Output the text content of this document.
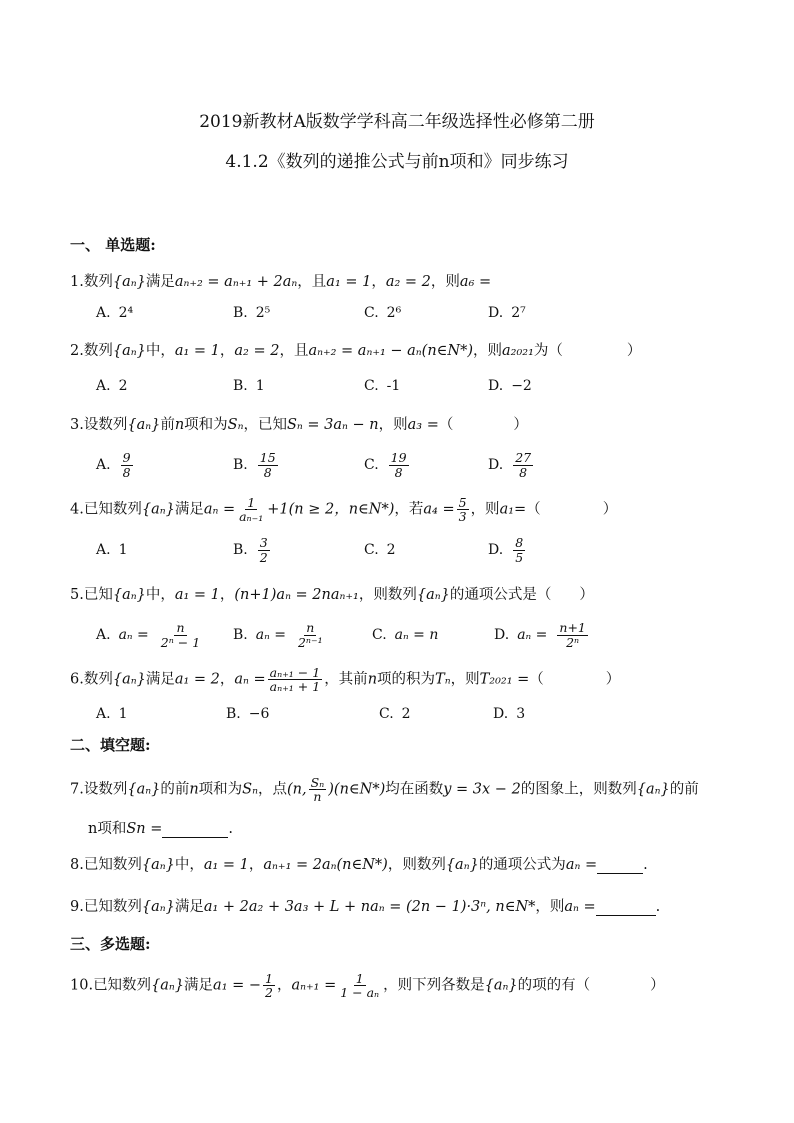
2019新教材A版数学学科高二年级选择性必修第二册
4.1.2《数列的递推公式与前n项和》同步练习
一、 单选题:
1.数列{aₙ}满足aₙ₊₂ = aₙ₊₁ + 2aₙ，且a₁ = 1，a₂ = 2，则a₆ =
A. 2⁴	B. 2⁵	C. 2⁶	D. 2⁷
2.数列{aₙ}中，a₁ = 1，a₂ = 2，且aₙ₊₂ = aₙ₊₁ − aₙ(n∈N*)，则a₂₀₂₁为（	）
A. 2	B. 1	C. -1	D. −2
3.设数列{aₙ}前n项和为Sₙ，已知Sₙ = 3aₙ − n，则a₃ =（	）
A. $\frac{9}{8}$	B. $\frac{15}{8}$	C. $\frac{19}{8}$	D. $\frac{27}{8}$
4.已知数列{aₙ}满足$a_n = \frac{1}{\text{aₙ₋₁}} +1(n \ge 2$，n∈N*)，若$a_4 = \frac{5}{3}$ ，则a₁=（	）
A. 1	B. $\frac{3}{2}$	C. 2	D. $\frac{8}{5}$
5.已知{aₙ}中，a₁ = 1，(n+1)aₙ = 2naₙ₊₁，则数列{aₙ}的通项公式是（ ）
A. $a_n = \frac{n}{\text{2ⁿ − 1}} B$. $a_n = \frac{n}{\text{2ⁿ⁻¹}}$	C. aₙ = n	D. $a_n = \frac{n+1}{\text{2ⁿ}}$
6.数列{aₙ}满足a₁ = 2，$a_n = \frac{\text{aₙ₊₁ − 1}}{\text{aₙ₊₁ + 1}}$ ，其前n项的积为Tₙ，则T₂₀₂₁ =（	）
A. 1	B. −6	C. 2	D. 3
二、填空题:
7.设数列{aₙ}的前n项和为Sₙ，点(n, $\frac{\text{Sₙ}}{n}$ )(n∈N*)均在函数y = 3x − 2的图象上，则数列{aₙ}的前
n项和Sn =	.
8.已知数列{aₙ}中，a₁ = 1，aₙ₊₁ = 2aₙ(n∈N*)，则数列{aₙ}的通项公式为aₙ =	.
9.已知数列{aₙ}满足a₁ + 2a₂ + 3a₃ + L + naₙ = (2n − 1)·3ⁿ, n∈N*，则aₙ =	.
三、多选题:
10.已知数列{aₙ}满足a₁ = − $\frac{1}{2}$ ，$a_{n+1} = \frac{1}{\text{1 − aₙ}}$ ，则下列各数是{aₙ}的项的有（	）
